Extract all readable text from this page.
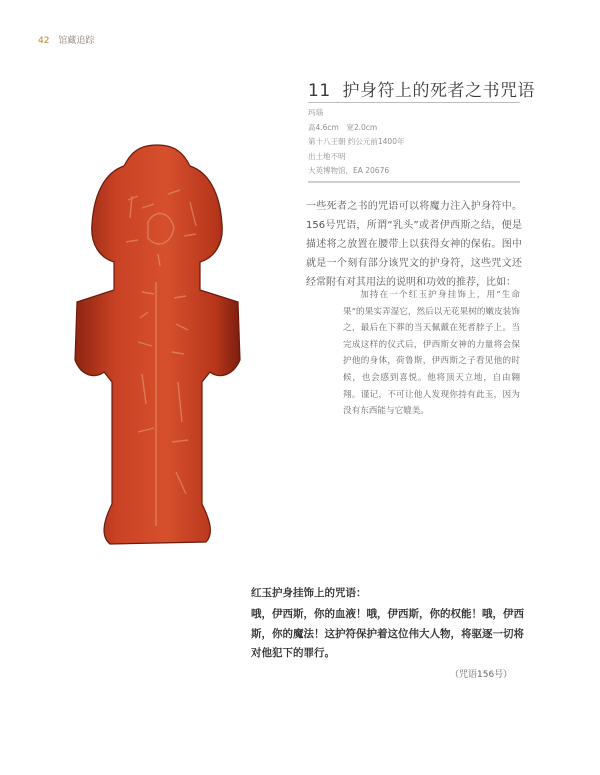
42 馆藏追踪
11 护身符上的死者之书咒语
玛瑙
高4.6cm　宽2.0cm
第十八王朝 约公元前1400年
出土地不明
大英博物馆，EA 20676
一些死者之书的咒语可以将魔力注入护身符中。156号咒语，所谓“乳头”或者伊西斯之结，便是描述将之放置在腰带上以获得女神的保佑。图中就是一个刻有部分该咒文的护身符，这些咒文还经常附有对其用法的说明和功效的推荐，比如：
加持在一个红玉护身挂饰上，用“生命果”的果实弄湿它，然后以无花果树的嫩皮装饰之，最后在下葬的当天佩戴在死者脖子上。当完成这样的仪式后，伊西斯女神的力量将会保护他的身体，荷鲁斯，伊西斯之子看见他的时候，也会感到喜悦。他将顶天立地，自由翱翔。谨记，不可让他人发现你持有此玉，因为没有东西能与它媲美。
红玉护身挂饰上的咒语：
哦，伊西斯，你的血液！哦，伊西斯，你的权能！哦，伊西斯，你的魔法！这护符保护着这位伟大人物，将驱逐一切将对他犯下的罪行。
（咒语156号）
